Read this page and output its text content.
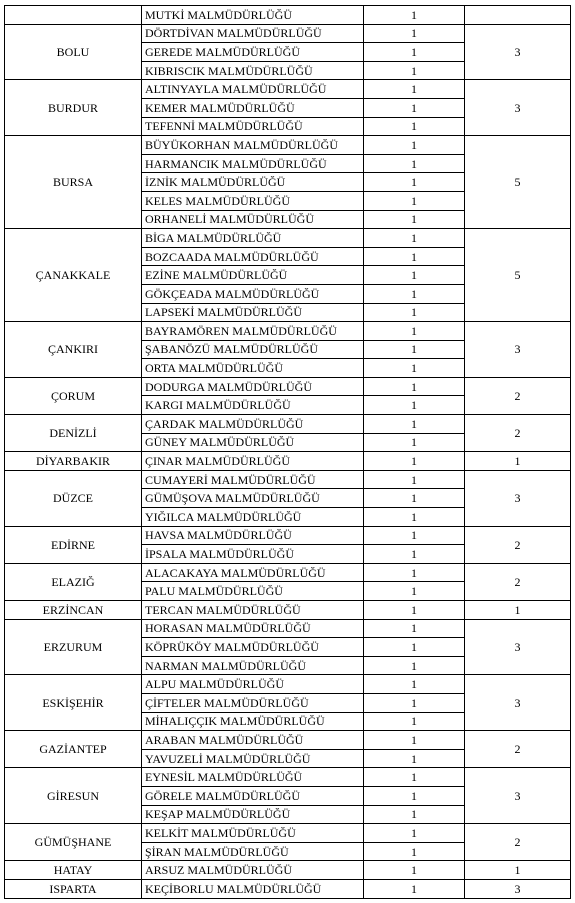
	MUTKİ MALMÜDÜRLÜĞÜ	1	
BOLU	DÖRTDİVAN MALMÜDÜRLÜĞÜ	1	3
	GEREDE MALMÜDÜRLÜĞÜ	1	
	KIBRISCIK MALMÜDÜRLÜĞÜ	1	
BURDUR	ALTINYAYLA MALMÜDÜRLÜĞÜ	1	3
	KEMER MALMÜDÜRLÜĞÜ	1	
	TEFENNİ MALMÜDÜRLÜĞÜ	1	
BURSA	BÜYÜKORHAN MALMÜDÜRLÜĞÜ	1	5
	HARMANCIK MALMÜDÜRLÜĞÜ	1	
	İZNİK MALMÜDÜRLÜĞÜ	1	
	KELES MALMÜDÜRLÜĞÜ	1	
	ORHANELİ MALMÜDÜRLÜĞÜ	1	
ÇANAKKALE	BİGA MALMÜDÜRLÜĞÜ	1	5
	BOZCAADA MALMÜDÜRLÜĞÜ	1	
	EZİNE MALMÜDÜRLÜĞÜ	1	
	GÖKÇEADA MALMÜDÜRLÜĞÜ	1	
	LAPSEKİ MALMÜDÜRLÜĞÜ	1	
ÇANKIRI	BAYRAMÖREN MALMÜDÜRLÜĞÜ	1	3
	ŞABANÖZÜ MALMÜDÜRLÜĞÜ	1	
	ORTA MALMÜDÜRLÜĞÜ	1	
ÇORUM	DODURGA MALMÜDÜRLÜĞÜ	1	2
	KARGI MALMÜDÜRLÜĞÜ	1	
DENİZLİ	ÇARDAK MALMÜDÜRLÜĞÜ	1	2
	GÜNEY MALMÜDÜRLÜĞÜ	1	
DİYARBAKIR	ÇINAR MALMÜDÜRLÜĞÜ	1	1
DÜZCE	CUMAYERİ MALMÜDÜRLÜĞÜ	1	3
	GÜMÜŞOVA MALMÜDÜRLÜĞÜ	1	
	YIĞILCA MALMÜDÜRLÜĞÜ	1	
EDİRNE	HAVSA MALMÜDÜRLÜĞÜ	1	2
	İPSALA MALMÜDÜRLÜĞÜ	1	
ELAZIĞ	ALACAKAYA MALMÜDÜRLÜĞÜ	1	2
	PALU MALMÜDÜRLÜĞÜ	1	
ERZİNCAN	TERCAN MALMÜDÜRLÜĞÜ	1	1
ERZURUM	HORASAN MALMÜDÜRLÜĞÜ	1	3
	KÖPRÜKÖY MALMÜDÜRLÜĞÜ	1	
	NARMAN MALMÜDÜRLÜĞÜ	1	
ESKİŞEHİR	ALPU MALMÜDÜRLÜĞÜ	1	3
	ÇİFTELER MALMÜDÜRLÜĞÜ	1	
	MİHALIÇÇIK MALMÜDÜRLÜĞÜ	1	
GAZİANTEP	ARABAN MALMÜDÜRLÜĞÜ	1	2
	YAVUZELİ MALMÜDÜRLÜĞÜ	1	
GİRESUN	EYNESİL MALMÜDÜRLÜĞÜ	1	3
	GÖRELE MALMÜDÜRLÜĞÜ	1	
	KEŞAP MALMÜDÜRLÜĞÜ	1	
GÜMÜŞHANE	KELKİT MALMÜDÜRLÜĞÜ	1	2
	ŞİRAN MALMÜDÜRLÜĞÜ	1	
HATAY	ARSUZ MALMÜDÜRLÜĞÜ	1	1
ISPARTA	KEÇİBORLU MALMÜDÜRLÜĞÜ	1	3
